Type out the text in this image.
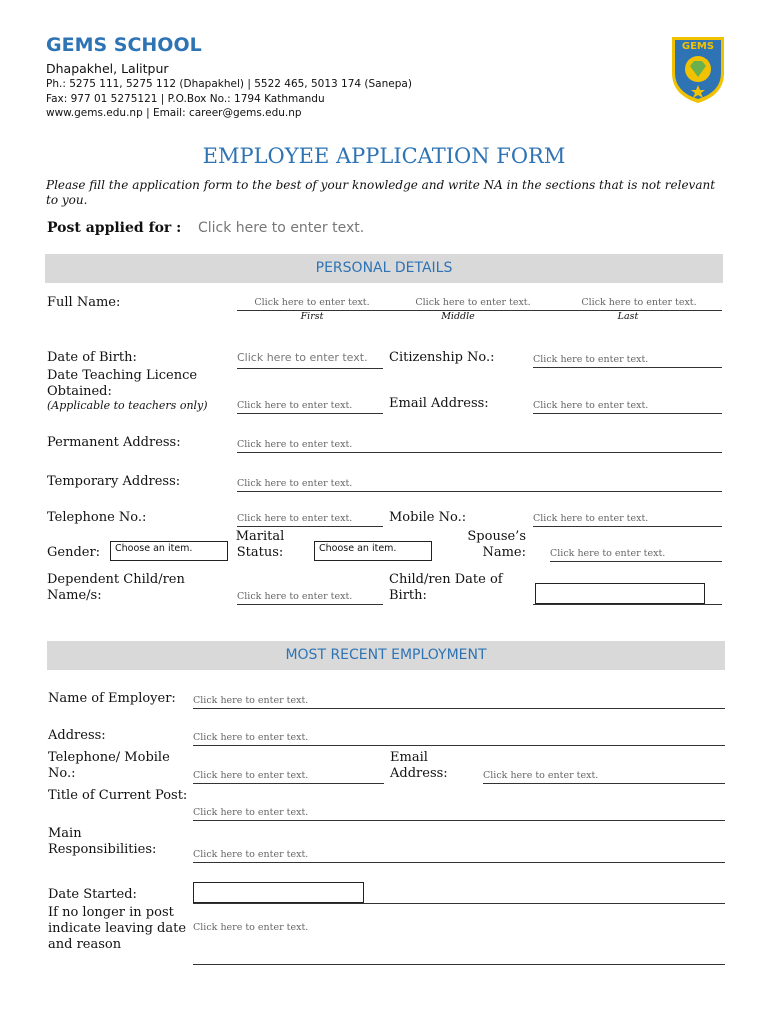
GEMS SCHOOL
Dhapakhel, Lalitpur
Ph.: 5275 111, 5275 112 (Dhapakhel) | 5522 465, 5013 174 (Sanepa)
Fax: 977 01 5275121 | P.O.Box No.: 1794 Kathmandu
www.gems.edu.np | Email: career@gems.edu.np
GEMS
EMPLOYEE APPLICATION FORM
Please fill the application form to the best of your knowledge and write NA in the sections that is not relevant to you.
Post applied for : Click here to enter text.
PERSONAL DETAILS
Full Name:	Click here to enter text.	Click here to enter text.	Click here to enter text.
First	Middle	Last
Date of Birth:	Click here to enter text.	Citizenship No.:	Click here to enter text.
Date Teaching Licence Obtained:
(Applicable to teachers only)	Click here to enter text.	Email Address:	Click here to enter text.
Permanent Address:	Click here to enter text.
Temporary Address:	Click here to enter text.
Telephone No.:	Click here to enter text.	Mobile No.:	Click here to enter text.
Gender:	Choose an item.
Marital Status:	Choose an item.
Spouse’s Name:	Click here to enter text.
Dependent Child/ren Name/s:	Click here to enter text.
Child/ren Date of Birth:
MOST RECENT EMPLOYMENT
Name of Employer: Click here to enter text.
Address:	Click here to enter text.
Telephone/ Mobile No.:	Click here to enter text.
Email Address:	Click here to enter text.
Title of Current Post:
Click here to enter text.
Main Responsibilities:	Click here to enter text.
Date Started:
If no longer in post indicate leaving date and reason
Click here to enter text.
